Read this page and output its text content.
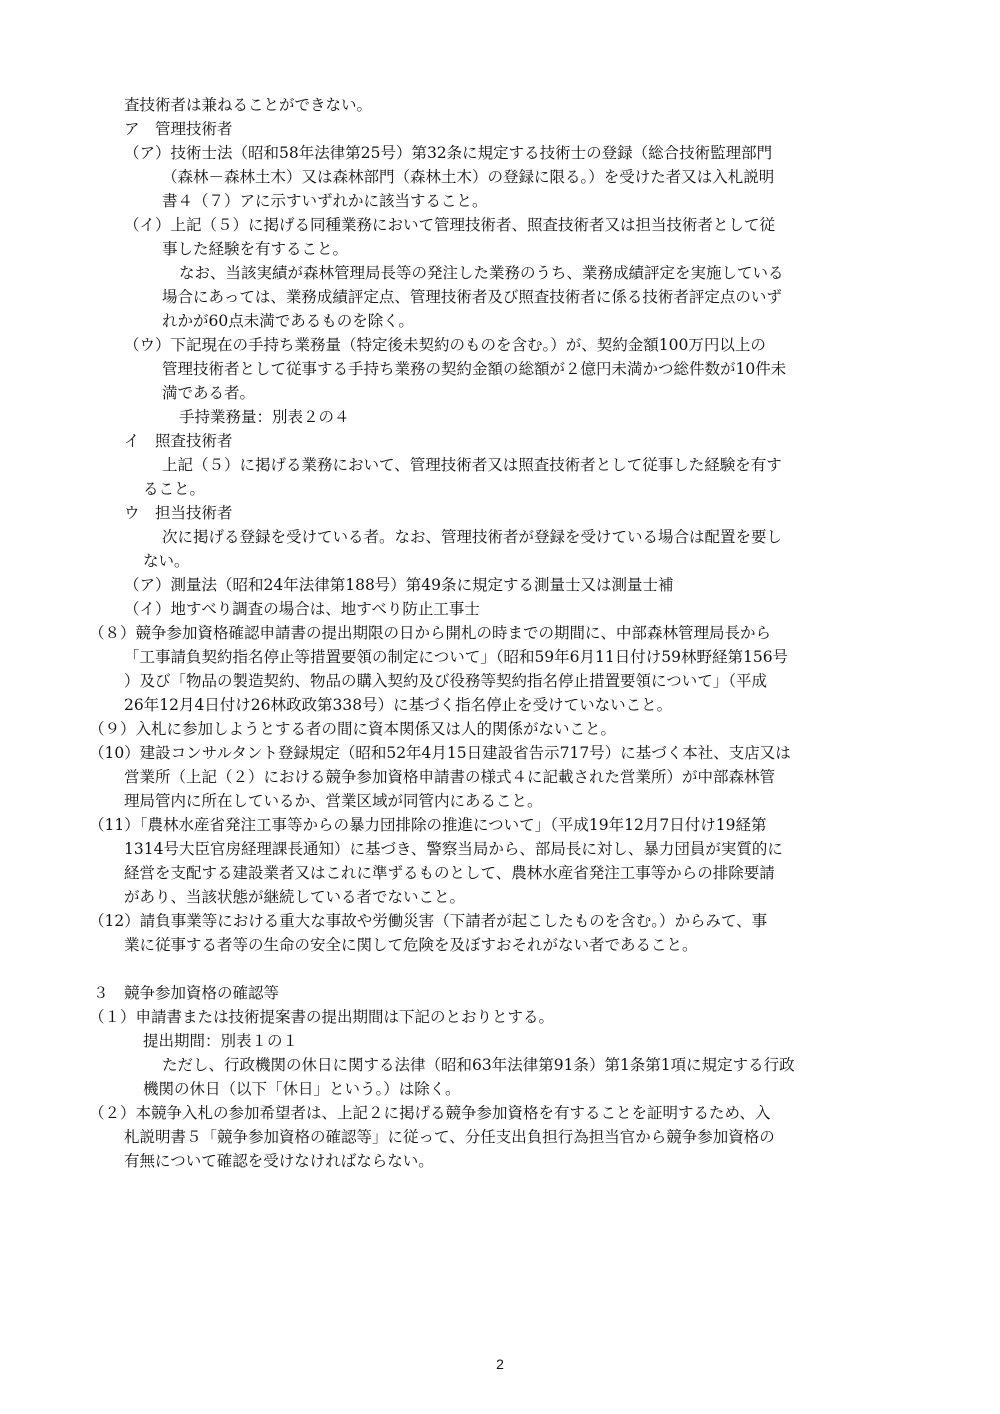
査技術者は兼ねることができない。
ア　管理技術者
（ア）技術士法（昭和58年法律第25号）第32条に規定する技術士の登録（総合技術監理部門
（森林－森林土木）又は森林部門（森林土木）の登録に限る。）を受けた者又は入札説明
書４（７）アに示すいずれかに該当すること。
（イ）上記（５）に掲げる同種業務において管理技術者、照査技術者又は担当技術者として従
事した経験を有すること。
なお、当該実績が森林管理局長等の発注した業務のうち、業務成績評定を実施している
場合にあっては、業務成績評定点、管理技術者及び照査技術者に係る技術者評定点のいず
れかが60点未満であるものを除く。
（ウ）下記現在の手持ち業務量（特定後未契約のものを含む。）が、契約金額100万円以上の
管理技術者として従事する手持ち業務の契約金額の総額が２億円未満かつ総件数が10件未
満である者。
手持業務量：別表２の４
イ　照査技術者
上記（５）に掲げる業務において、管理技術者又は照査技術者として従事した経験を有す
ること。
ウ　担当技術者
次に掲げる登録を受けている者。なお、管理技術者が登録を受けている場合は配置を要し
ない。
（ア）測量法（昭和24年法律第188号）第49条に規定する測量士又は測量士補
（イ）地すべり調査の場合は、地すべり防止工事士
（８）競争参加資格確認申請書の提出期限の日から開札の時までの期間に、中部森林管理局長から
「工事請負契約指名停止等措置要領の制定について」（昭和59年6月11日付け59林野経第156号
）及び「物品の製造契約、物品の購入契約及び役務等契約指名停止措置要領について」（平成
26年12月4日付け26林政政第338号）に基づく指名停止を受けていないこと。
（９）入札に参加しようとする者の間に資本関係又は人的関係がないこと。
（10）建設コンサルタント登録規定（昭和52年4月15日建設省告示717号）に基づく本社、支店又は
営業所（上記（２）における競争参加資格申請書の様式４に記載された営業所）が中部森林管
理局管内に所在しているか、営業区域が同管内にあること。
（11）「農林水産省発注工事等からの暴力団排除の推進について」（平成19年12月7日付け19経第
1314号大臣官房経理課長通知）に基づき、警察当局から、部局長に対し、暴力団員が実質的に
経営を支配する建設業者又はこれに準ずるものとして、農林水産省発注工事等からの排除要請
があり、当該状態が継続している者でないこと。
（12）請負事業等における重大な事故や労働災害（下請者が起こしたものを含む。）からみて、事
業に従事する者等の生命の安全に関して危険を及ぼすおそれがない者であること。
３　競争参加資格の確認等
（１）申請書または技術提案書の提出期間は下記のとおりとする。
提出期間：別表１の１
ただし、行政機関の休日に関する法律（昭和63年法律第91条）第1条第1項に規定する行政
機関の休日（以下「休日」という。）は除く。
（２）本競争入札の参加希望者は、上記２に掲げる競争参加資格を有することを証明するため、入
札説明書５「競争参加資格の確認等」に従って、分任支出負担行為担当官から競争参加資格の
有無について確認を受けなければならない。
2
